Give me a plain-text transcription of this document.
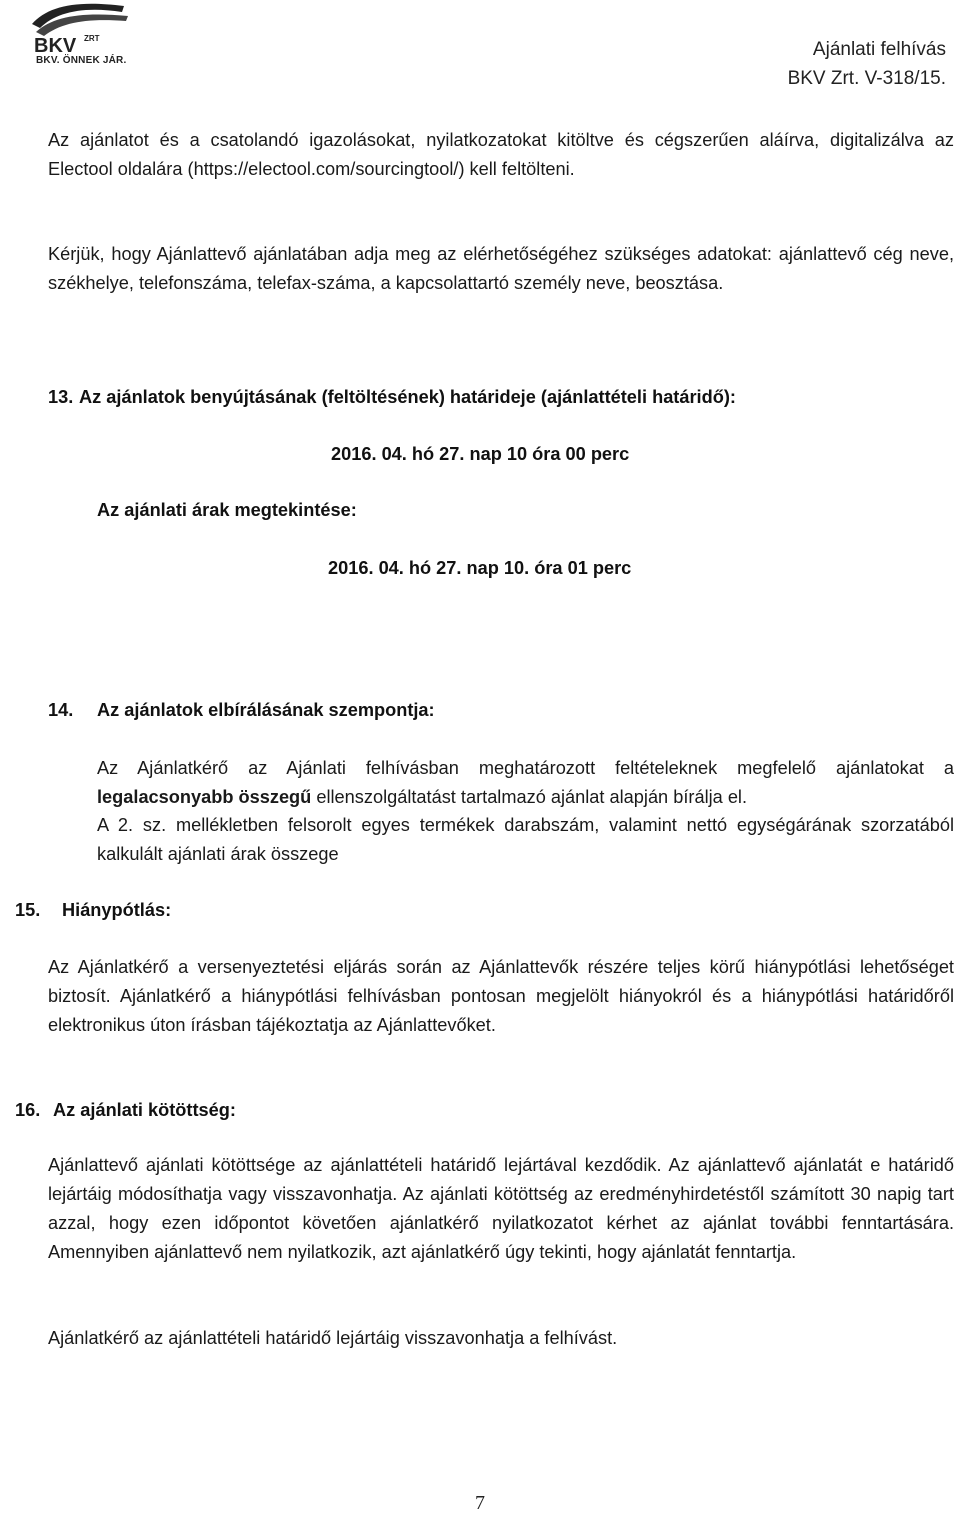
BKV ZRT
BKV. ÖNNEK JÁR.
Ajánlati felhívás
BKV Zrt. V-318/15.
Az ajánlatot és a csatolandó igazolásokat, nyilatkozatokat kitöltve és cégszerűen aláírva, digitalizálva az Electool oldalára (https://electool.com/sourcingtool/) kell feltölteni.
Kérjük, hogy Ajánlattevő ajánlatában adja meg az elérhetőségéhez szükséges adatokat: ajánlattevő cég neve, székhelye, telefonszáma, telefax-száma, a kapcsolattartó személy neve, beosztása.
13. Az ajánlatok benyújtásának (feltöltésének) határideje (ajánlattételi határidő):
2016. 04. hó 27. nap 10 óra 00 perc
Az ajánlati árak megtekintése:
2016. 04. hó 27. nap 10. óra 01 perc
14. Az ajánlatok elbírálásának szempontja:
Az Ajánlatkérő az Ajánlati felhívásban meghatározott feltételeknek megfelelő ajánlatokat a legalacsonyabb összegű ellenszolgáltatást tartalmazó ajánlat alapján bírálja el.
A 2. sz. mellékletben felsorolt egyes termékek darabszám, valamint nettó egységárának szorzatából kalkulált ajánlati árak összege
15. Hiánypótlás:
Az Ajánlatkérő a versenyeztetési eljárás során az Ajánlattevők részére teljes körű hiánypótlási lehetőséget biztosít. Ajánlatkérő a hiánypótlási felhívásban pontosan megjelölt hiányokról és a hiánypótlási határidőről elektronikus úton írásban tájékoztatja az Ajánlattevőket.
16. Az ajánlati kötöttség:
Ajánlattevő ajánlati kötöttsége az ajánlattételi határidő lejártával kezdődik. Az ajánlattevő ajánlatát e határidő lejártáig módosíthatja vagy visszavonhatja. Az ajánlati kötöttség az eredményhirdetéstől számított 30 napig tart azzal, hogy ezen időpontot követően ajánlatkérő nyilatkozatot kérhet az ajánlat további fenntartására. Amennyiben ajánlattevő nem nyilatkozik, azt ajánlatkérő úgy tekinti, hogy ajánlatát fenntartja.
Ajánlatkérő az ajánlattételi határidő lejártáig visszavonhatja a felhívást.
7
